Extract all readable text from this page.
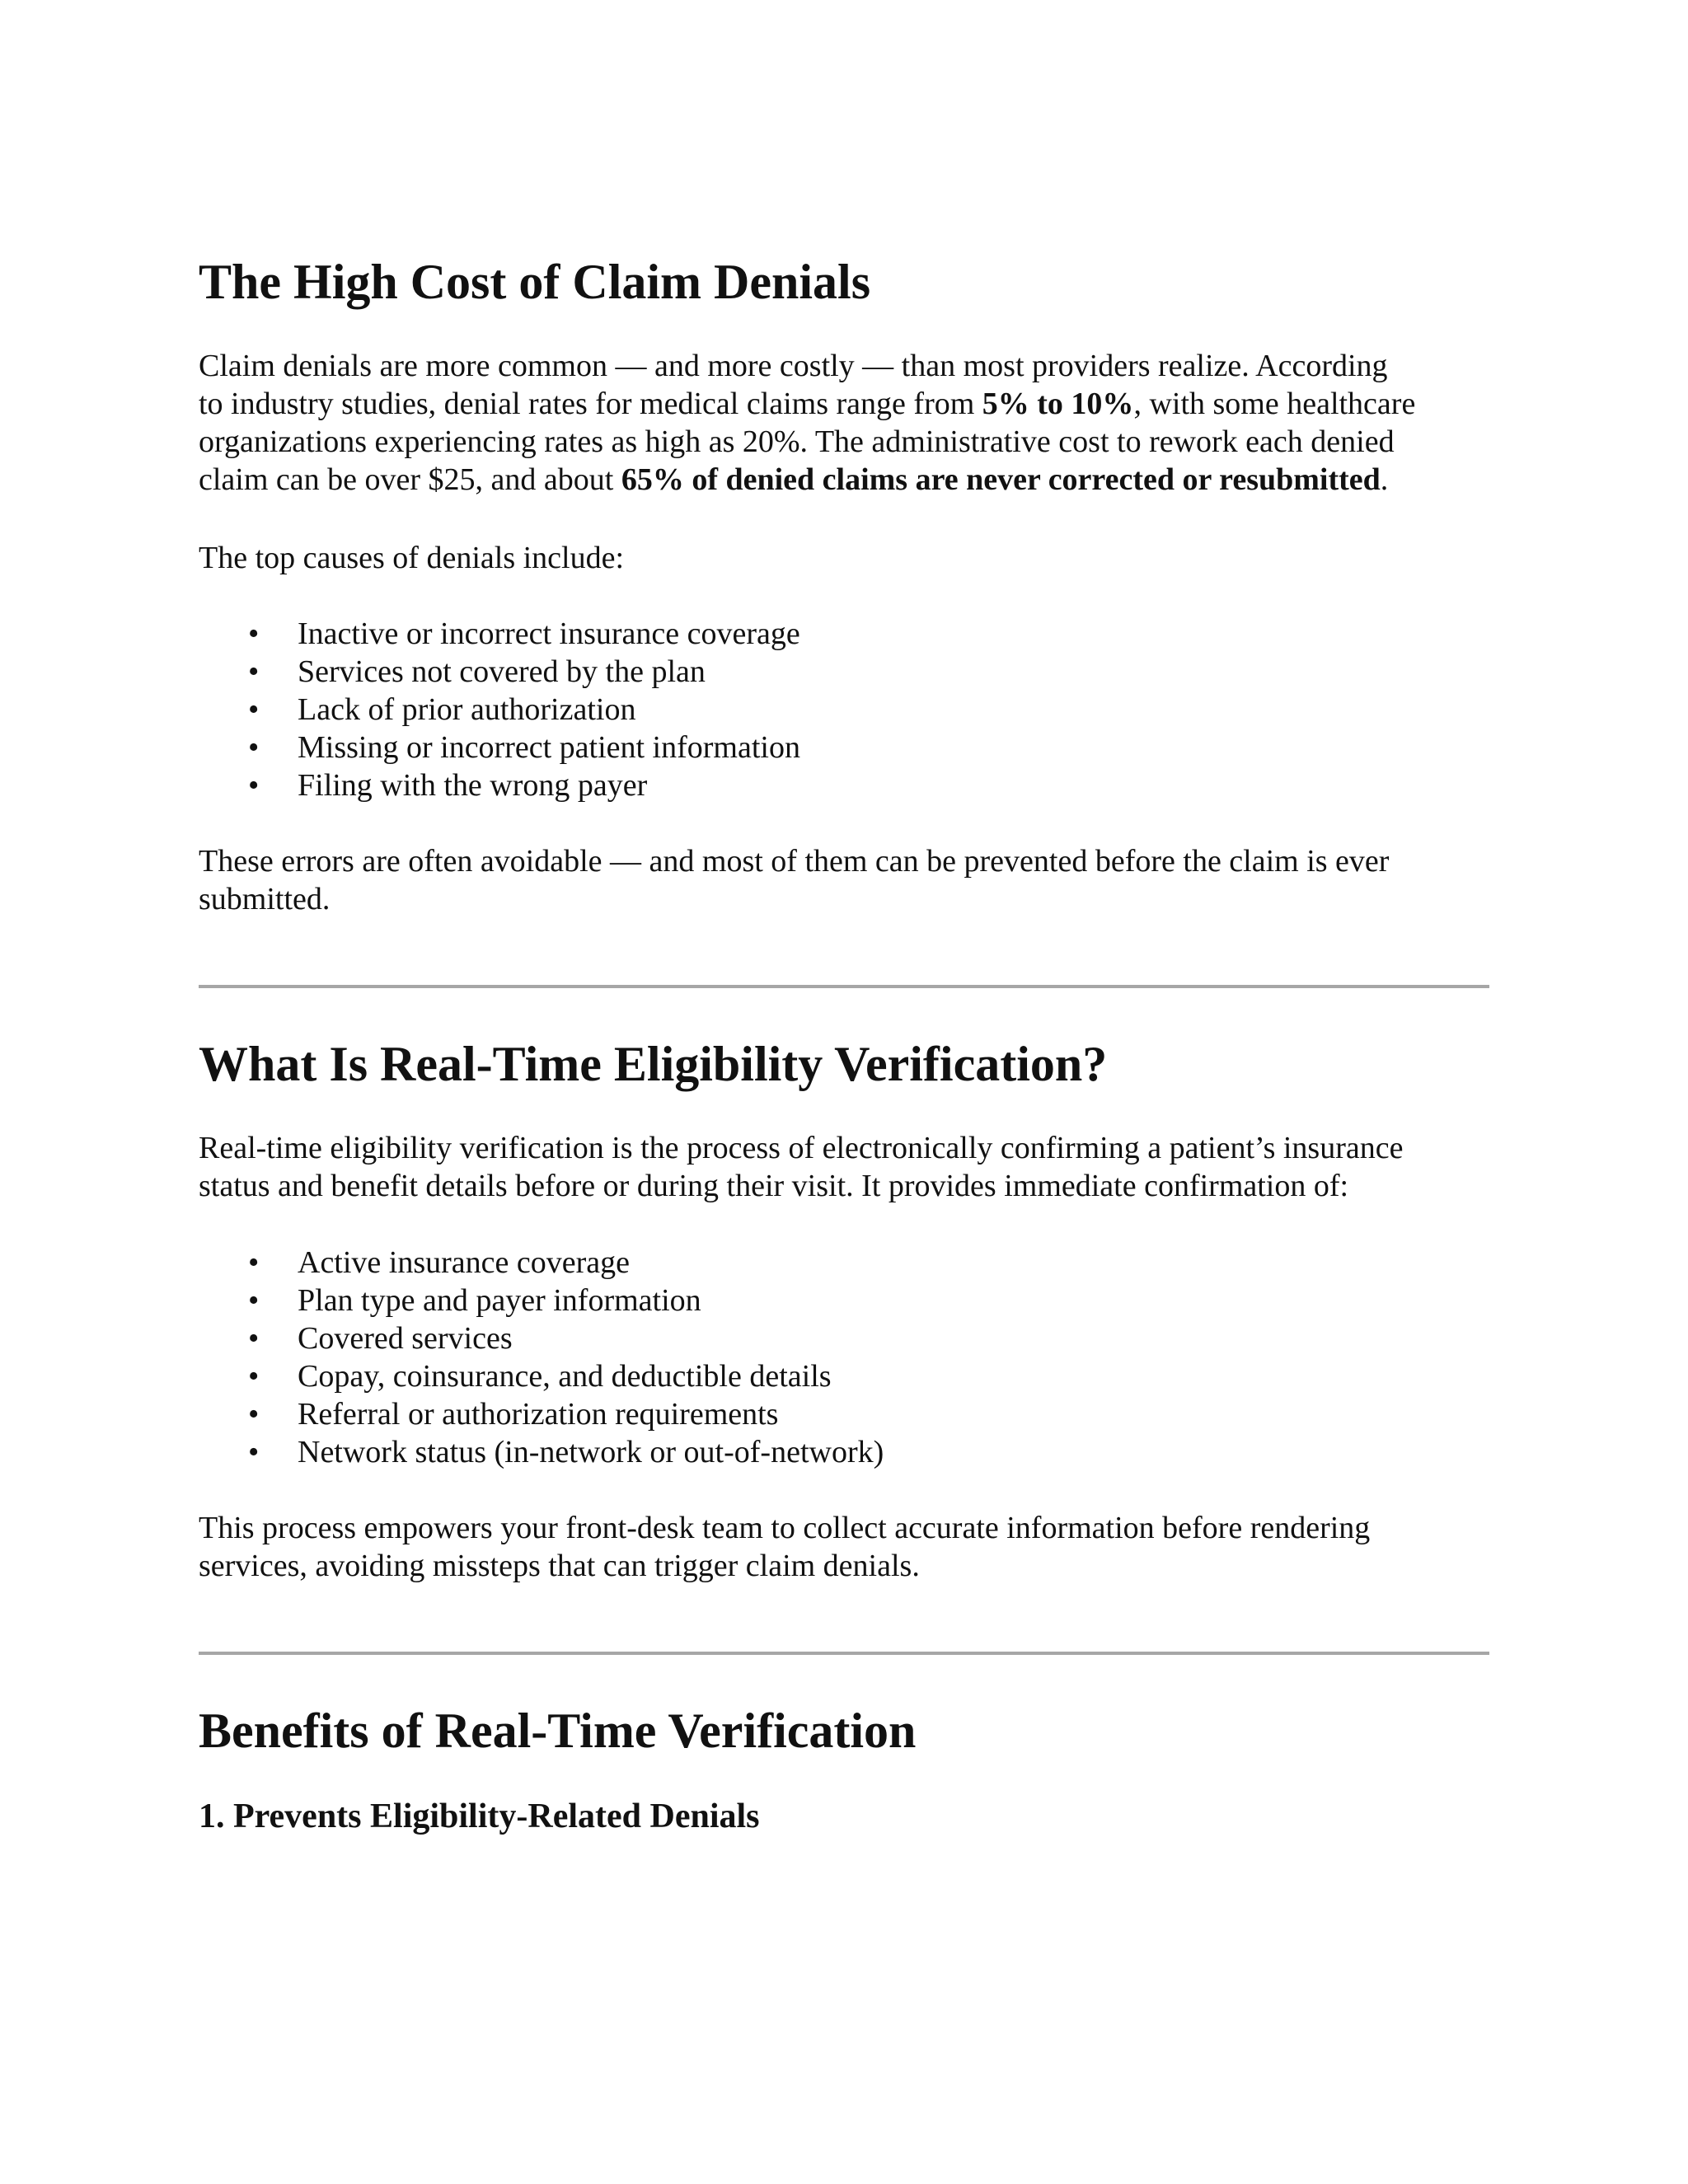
The High Cost of Claim Denials

Claim denials are more common — and more costly — than most providers realize. According
to industry studies, denial rates for medical claims range from 5% to 10%, with some healthcare
organizations experiencing rates as high as 20%. The administrative cost to rework each denied
claim can be over $25, and about 65% of denied claims are never corrected or resubmitted.

The top causes of denials include:

• Inactive or incorrect insurance coverage
• Services not covered by the plan
• Lack of prior authorization
• Missing or incorrect patient information
• Filing with the wrong payer

These errors are often avoidable — and most of them can be prevented before the claim is ever
submitted.

What Is Real-Time Eligibility Verification?

Real-time eligibility verification is the process of electronically confirming a patient’s insurance
status and benefit details before or during their visit. It provides immediate confirmation of:

• Active insurance coverage
• Plan type and payer information
• Covered services
• Copay, coinsurance, and deductible details
• Referral or authorization requirements
• Network status (in-network or out-of-network)

This process empowers your front-desk team to collect accurate information before rendering
services, avoiding missteps that can trigger claim denials.

Benefits of Real-Time Verification
1. Prevents Eligibility-Related Denials
